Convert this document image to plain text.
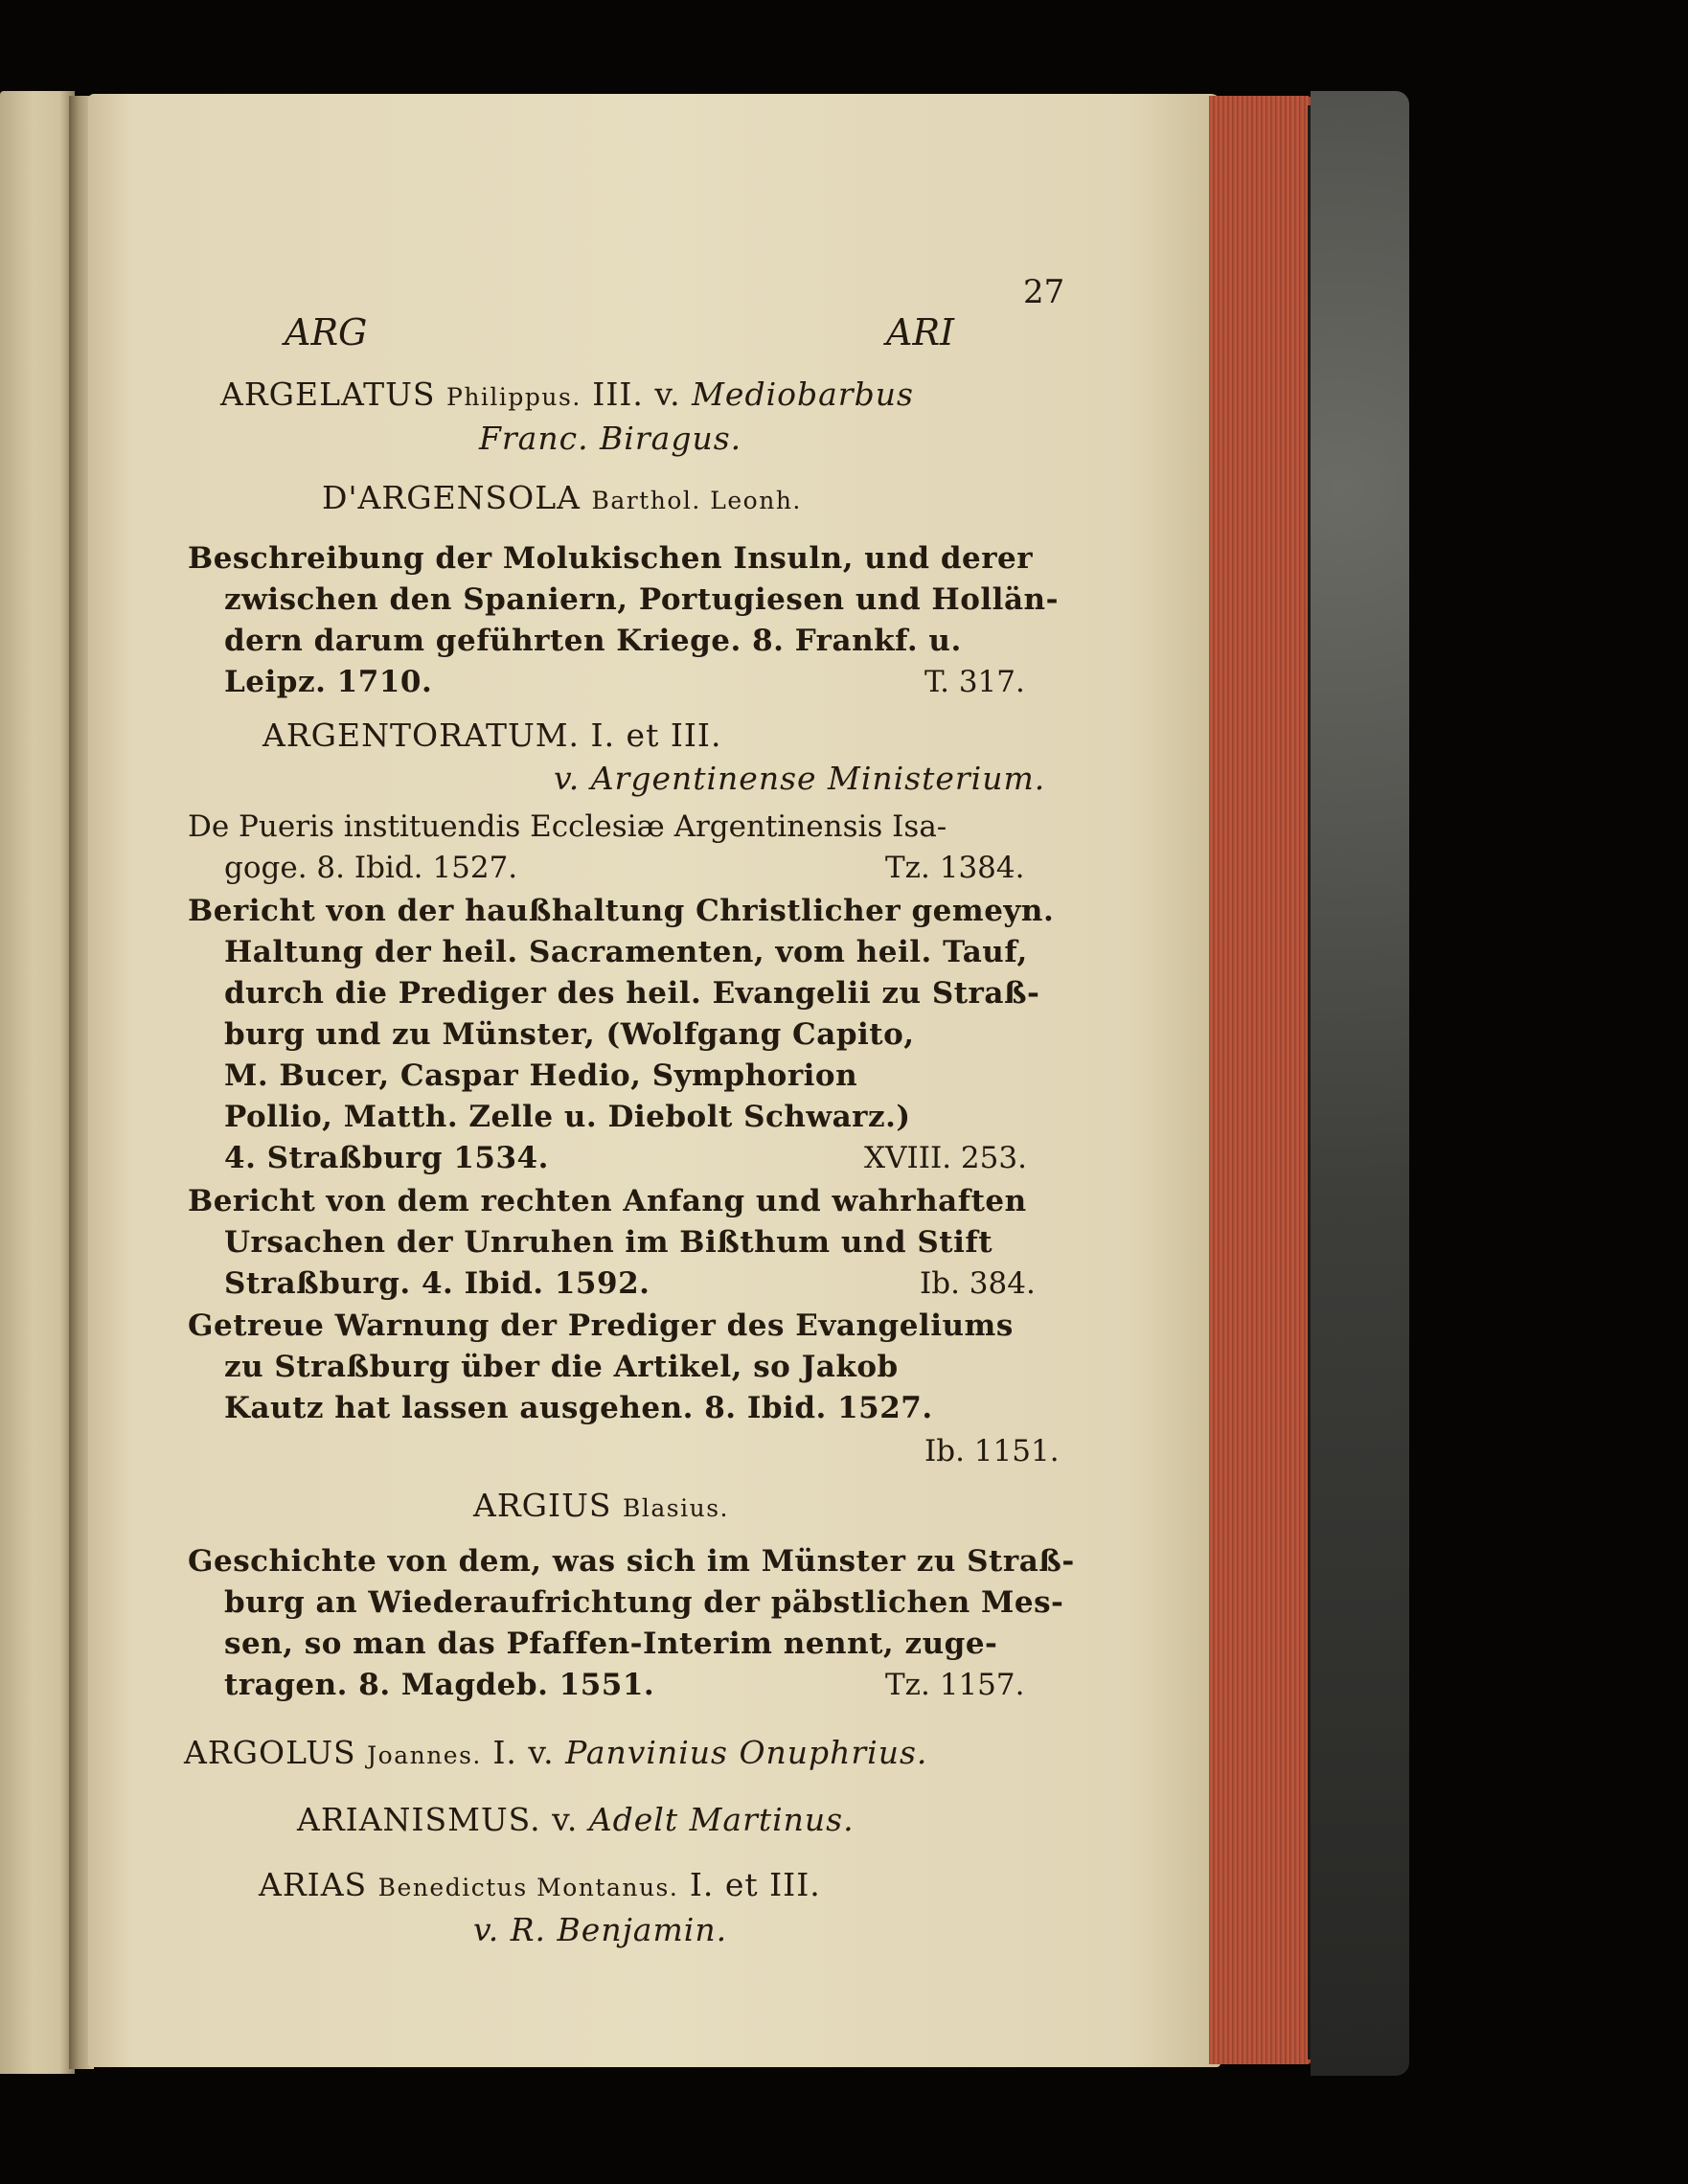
27
ARG	ARI
ARGELATUS Philippus. III. v. Mediobarbus
Franc. Biragus.
D'ARGENSOLA Barthol. Leonh.
Beschreibung der Molukischen Insuln, und derer
zwischen den Spaniern, Portugiesen und Hollän-
dern darum geführten Kriege. 8. Frankf. u.
Leipz. 1710.	T. 317.
ARGENTORATUM. I. et III.
v. Argentinense Ministerium.
De Pueris instituendis Ecclesiæ Argentinensis Isa-
goge. 8. Ibid. 1527.	Tz. 1384.
Bericht von der haußhaltung Christlicher gemeyn.
Haltung der heil. Sacramenten, vom heil. Tauf,
durch die Prediger des heil. Evangelii zu Straß-
burg und zu Münster, (Wolfgang Capito,
M. Bucer, Caspar Hedio, Symphorion
Pollio, Matth. Zelle u. Diebolt Schwarz.)
4. Straßburg 1534.	XVIII. 253.
Bericht von dem rechten Anfang und wahrhaften
Ursachen der Unruhen im Bißthum und Stift
Straßburg. 4. Ibid. 1592.	Ib. 384.
Getreue Warnung der Prediger des Evangeliums
zu Straßburg über die Artikel, so Jakob
Kautz hat lassen ausgehen. 8. Ibid. 1527.
Ib. 1151.
ARGIUS Blasius.
Geschichte von dem, was sich im Münster zu Straß-
burg an Wiederaufrichtung der päbstlichen Mes-
sen, so man das Pfaffen-Interim nennt, zuge-
tragen. 8. Magdeb. 1551.	Tz. 1157.
ARGOLUS Joannes. I. v. Panvinius Onuphrius.
ARIANISMUS. v. Adelt Martinus.
ARIAS Benedictus Montanus. I. et III.
v. R. Benjamin.
